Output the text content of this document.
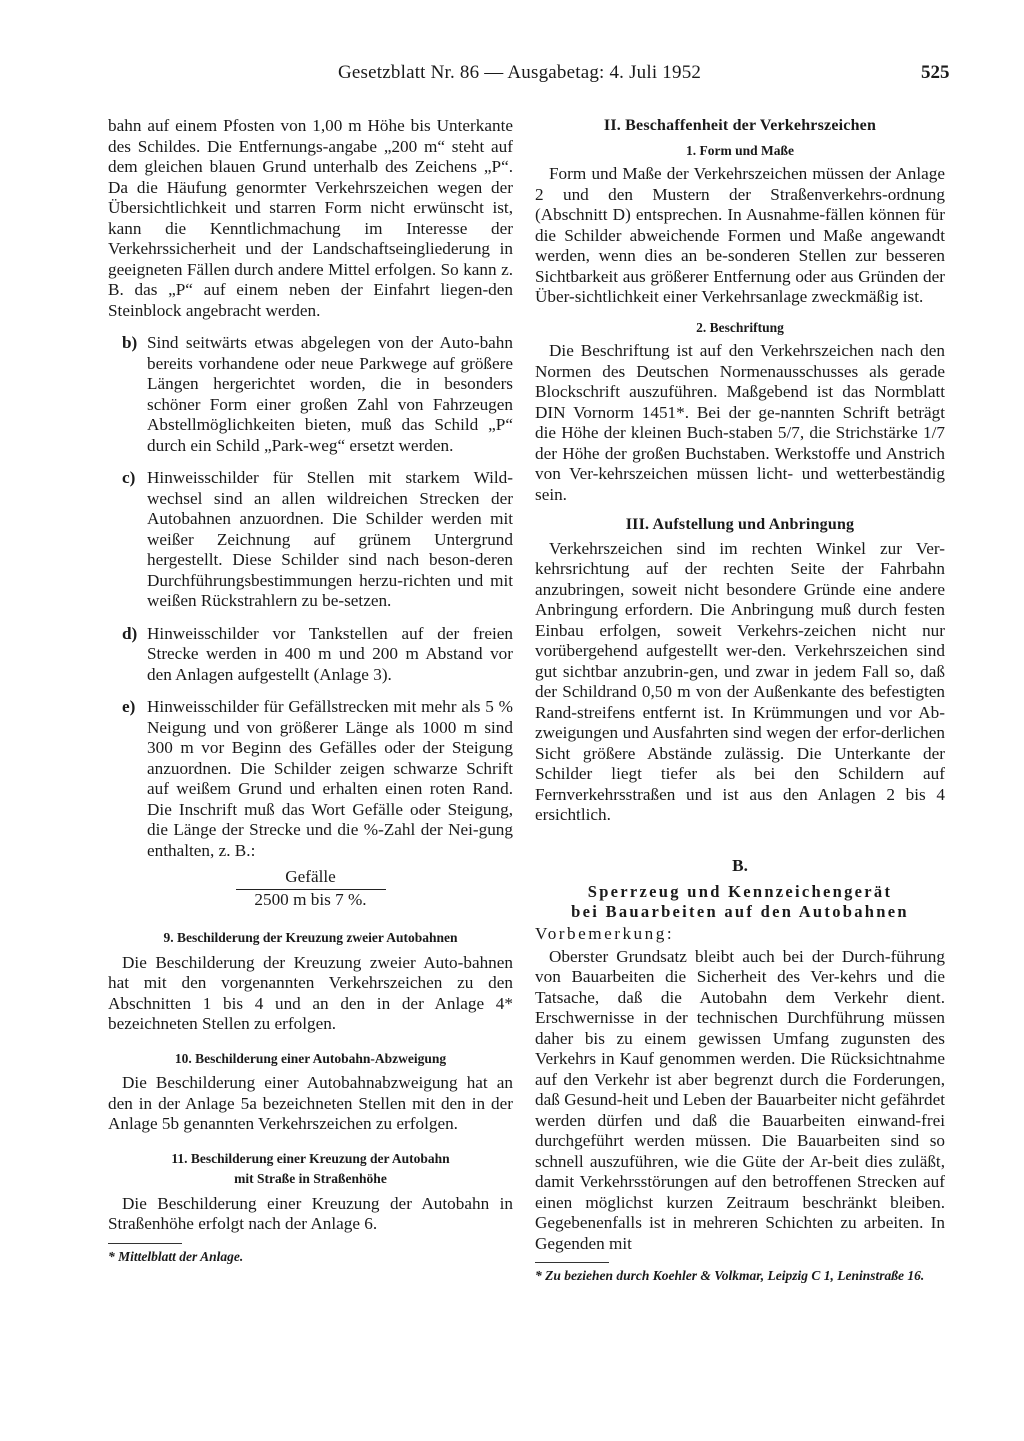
Gesetzblatt Nr. 86 — Ausgabetag: 4. Juli 1952	525

bahn auf einem Pfosten von 1,00 m Höhe bis Unterkante des Schildes. Die Entfernungs-angabe „200 m“ steht auf dem gleichen blauen Grund unterhalb des Zeichens „P“. Da die Häufung genormter Verkehrszeichen wegen der Übersichtlichkeit und starren Form nicht erwünscht ist, kann die Kenntlichmachung im Interesse der Verkehrssicherheit und der Landschaftseingliederung in geeigneten Fällen durch andere Mittel erfolgen. So kann z. B. das „P“ auf einem neben der Einfahrt liegen-den Steinblock angebracht werden.

b) Sind seitwärts etwas abgelegen von der Auto-bahn bereits vorhandene oder neue Parkwege auf größere Längen hergerichtet worden, die in besonders schöner Form einer großen Zahl von Fahrzeugen Abstellmöglichkeiten bieten, muß das Schild „P“ durch ein Schild „Park-weg“ ersetzt werden.

c) Hinweisschilder für Stellen mit starkem Wild-wechsel sind an allen wildreichen Strecken der Autobahnen anzuordnen. Die Schilder werden mit weißer Zeichnung auf grünem Untergrund hergestellt. Diese Schilder sind nach beson-deren Durchführungsbestimmungen herzu-richten und mit weißen Rückstrahlern zu be-setzen.

d) Hinweisschilder vor Tankstellen auf der freien Strecke werden in 400 m und 200 m Abstand vor den Anlagen aufgestellt (Anlage 3).

e) Hinweisschilder für Gefällstrecken mit mehr als 5 % Neigung und von größerer Länge als 1000 m sind 300 m vor Beginn des Gefälles oder der Steigung anzuordnen. Die Schilder zeigen schwarze Schrift auf weißem Grund und erhalten einen roten Rand. Die Inschrift muß das Wort Gefälle oder Steigung, die Länge der Strecke und die %-Zahl der Nei-gung enthalten, z. B.:

Gefälle
2500 m bis 7 %.
9. Beschilderung der Kreuzung zweier Autobahnen

Die Beschilderung der Kreuzung zweier Auto-bahnen hat mit den vorgenannten Verkehrszeichen zu den Abschnitten 1 bis 4 und an den in der Anlage 4* bezeichneten Stellen zu erfolgen.

10. Beschilderung einer Autobahn-Abzweigung

Die Beschilderung einer Autobahnabzweigung hat an den in der Anlage 5a bezeichneten Stellen mit den in der Anlage 5b genannten Verkehrszeichen zu erfolgen.

11. Beschilderung einer Kreuzung der Autobahn
mit Straße in Straßenhöhe

Die Beschilderung einer Kreuzung der Autobahn in Straßenhöhe erfolgt nach der Anlage 6.

* Mittelblatt der Anlage.
II. Beschaffenheit der Verkehrszeichen
1. Form und Maße

Form und Maße der Verkehrszeichen müssen der Anlage 2 und den Mustern der Straßenverkehrs-ordnung (Abschnitt D) entsprechen. In Ausnahme-fällen können für die Schilder abweichende Formen und Maße angewandt werden, wenn dies an be-sonderen Stellen zur besseren Sichtbarkeit aus größerer Entfernung oder aus Gründen der Über-sichtlichkeit einer Verkehrsanlage zweckmäßig ist.

2. Beschriftung

Die Beschriftung ist auf den Verkehrszeichen nach den Normen des Deutschen Normenausschusses als gerade Blockschrift auszuführen. Maßgebend ist das Normblatt DIN Vornorm 1451*. Bei der ge-nannten Schrift beträgt die Höhe der kleinen Buch-staben 5/7, die Strichstärke 1/7 der Höhe der großen Buchstaben. Werkstoffe und Anstrich von Ver-kehrszeichen müssen licht- und wetterbeständig sein.

III. Aufstellung und Anbringung

Verkehrszeichen sind im rechten Winkel zur Ver-kehrsrichtung auf der rechten Seite der Fahrbahn anzubringen, soweit nicht besondere Gründe eine andere Anbringung erfordern. Die Anbringung muß durch festen Einbau erfolgen, soweit Verkehrs-zeichen nicht nur vorübergehend aufgestellt wer-den. Verkehrszeichen sind gut sichtbar anzubrin-gen, und zwar in jedem Fall so, daß der Schildrand 0,50 m von der Außenkante des befestigten Rand-streifens entfernt ist. In Krümmungen und vor Ab-zweigungen und Ausfahrten sind wegen der erfor-derlichen Sicht größere Abstände zulässig. Die Unterkante der Schilder liegt tiefer als bei den Schildern auf Fernverkehrsstraßen und ist aus den Anlagen 2 bis 4 ersichtlich.

B.
Sperrzeug und Kennzeichengerät
bei Bauarbeiten auf den Autobahnen
Vorbemerkung:

Oberster Grundsatz bleibt auch bei der Durch-führung von Bauarbeiten die Sicherheit des Ver-kehrs und die Tatsache, daß die Autobahn dem Verkehr dient. Erschwernisse in der technischen Durchführung müssen daher bis zu einem gewissen Umfang zugunsten des Verkehrs in Kauf genommen werden. Die Rücksichtnahme auf den Verkehr ist aber begrenzt durch die Forderungen, daß Gesund-heit und Leben der Bauarbeiter nicht gefährdet werden dürfen und daß die Bauarbeiten einwand-frei durchgeführt werden müssen. Die Bauarbeiten sind so schnell auszuführen, wie die Güte der Ar-beit dies zuläßt, damit Verkehrsstörungen auf den betroffenen Strecken auf einen möglichst kurzen Zeitraum beschränkt bleiben. Gegebenenfalls ist in mehreren Schichten zu arbeiten. In Gegenden mit

* Zu beziehen durch Koehler & Volkmar, Leipzig C 1, Leninstraße 16.
